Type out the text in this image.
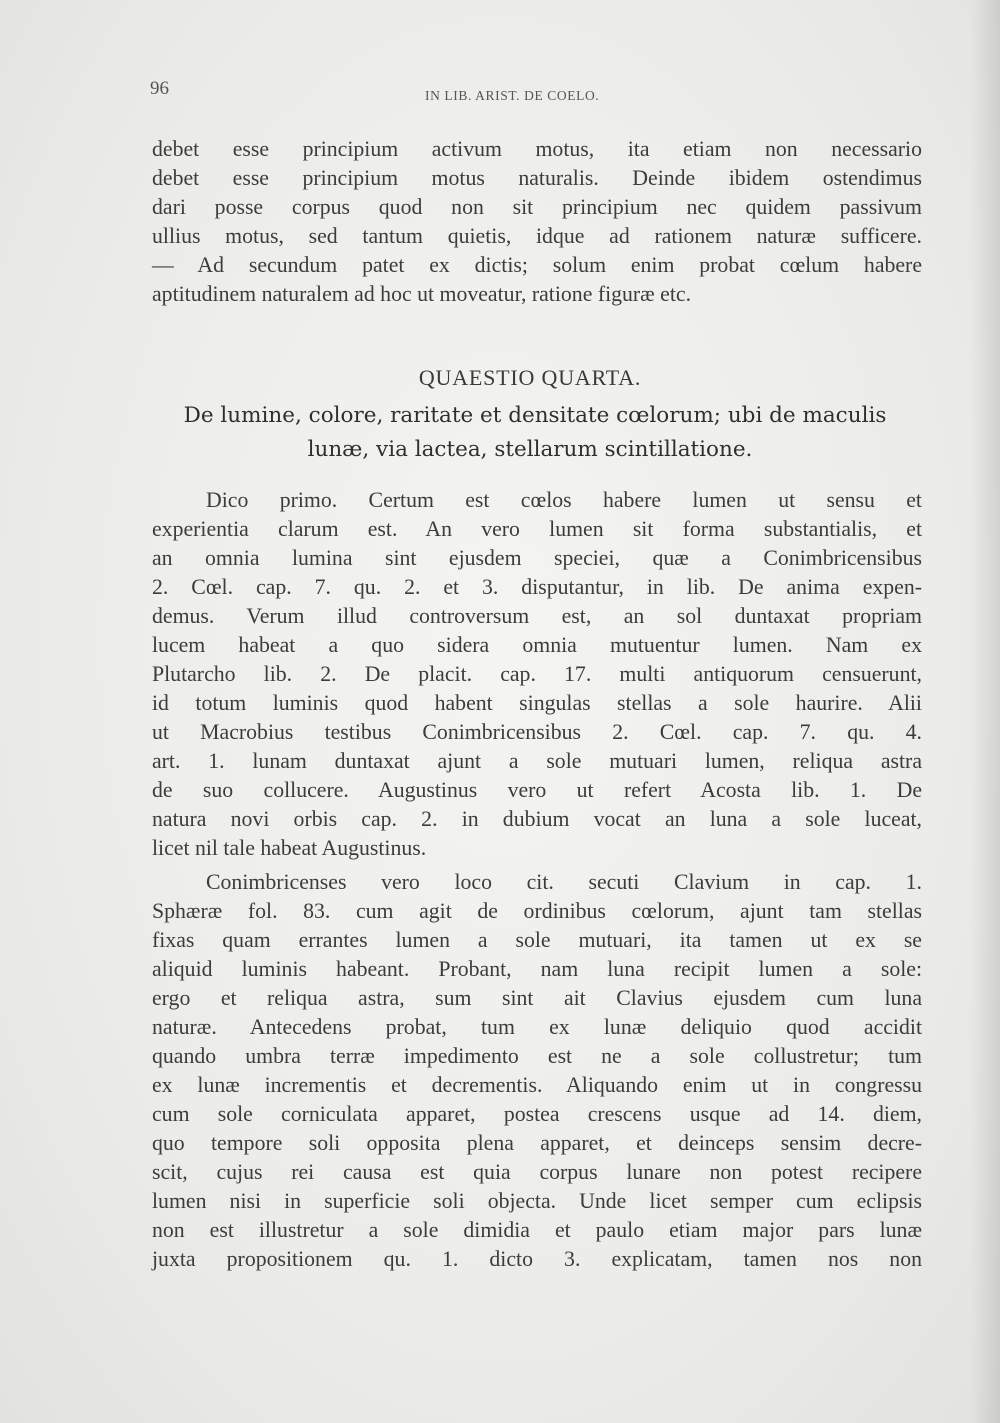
96	IN LIB. ARIST. DE COELO.
debet esse principium activum motus, ita etiam non necessario
debet esse principium motus naturalis. Deinde ibidem ostendimus
dari posse corpus quod non sit principium nec quidem passivum
ullius motus, sed tantum quietis, idque ad rationem naturæ sufficere.
— Ad secundum patet ex dictis; solum enim probat cœlum habere
aptitudinem naturalem ad hoc ut moveatur, ratione figuræ etc.
QUAESTIO QUARTA.
De lumine, colore, raritate et densitate cœlorum; ubi de maculis
lunæ, via lactea, stellarum scintillatione.
Dico primo. Certum est cœlos habere lumen ut sensu et
experientia clarum est. An vero lumen sit forma substantialis, et
an omnia lumina sint ejusdem speciei, quæ a Conimbricensibus
2. Cœl. cap. 7. qu. 2. et 3. disputantur, in lib. De anima expen-
demus. Verum illud controversum est, an sol duntaxat propriam
lucem habeat a quo sidera omnia mutuentur lumen. Nam ex
Plutarcho lib. 2. De placit. cap. 17. multi antiquorum censuerunt,
id totum luminis quod habent singulas stellas a sole haurire. Alii
ut Macrobius testibus Conimbricensibus 2. Cœl. cap. 7. qu. 4.
art. 1. lunam duntaxat ajunt a sole mutuari lumen, reliqua astra
de suo collucere. Augustinus vero ut refert Acosta lib. 1. De
natura novi orbis cap. 2. in dubium vocat an luna a sole luceat,
licet nil tale habeat Augustinus.
Conimbricenses vero loco cit. secuti Clavium in cap. 1.
Sphæræ fol. 83. cum agit de ordinibus cœlorum, ajunt tam stellas
fixas quam errantes lumen a sole mutuari, ita tamen ut ex se
aliquid luminis habeant. Probant, nam luna recipit lumen a sole:
ergo et reliqua astra, sum sint ait Clavius ejusdem cum luna
naturæ. Antecedens probat, tum ex lunæ deliquio quod accidit
quando umbra terræ impedimento est ne a sole collustretur; tum
ex lunæ incrementis et decrementis. Aliquando enim ut in congressu
cum sole corniculata apparet, postea crescens usque ad 14. diem,
quo tempore soli opposita plena apparet, et deinceps sensim decre-
scit, cujus rei causa est quia corpus lunare non potest recipere
lumen nisi in superficie soli objecta. Unde licet semper cum eclipsis
non est illustretur a sole dimidia et paulo etiam major pars lunæ
juxta propositionem qu. 1. dicto 3. explicatam, tamen nos non
